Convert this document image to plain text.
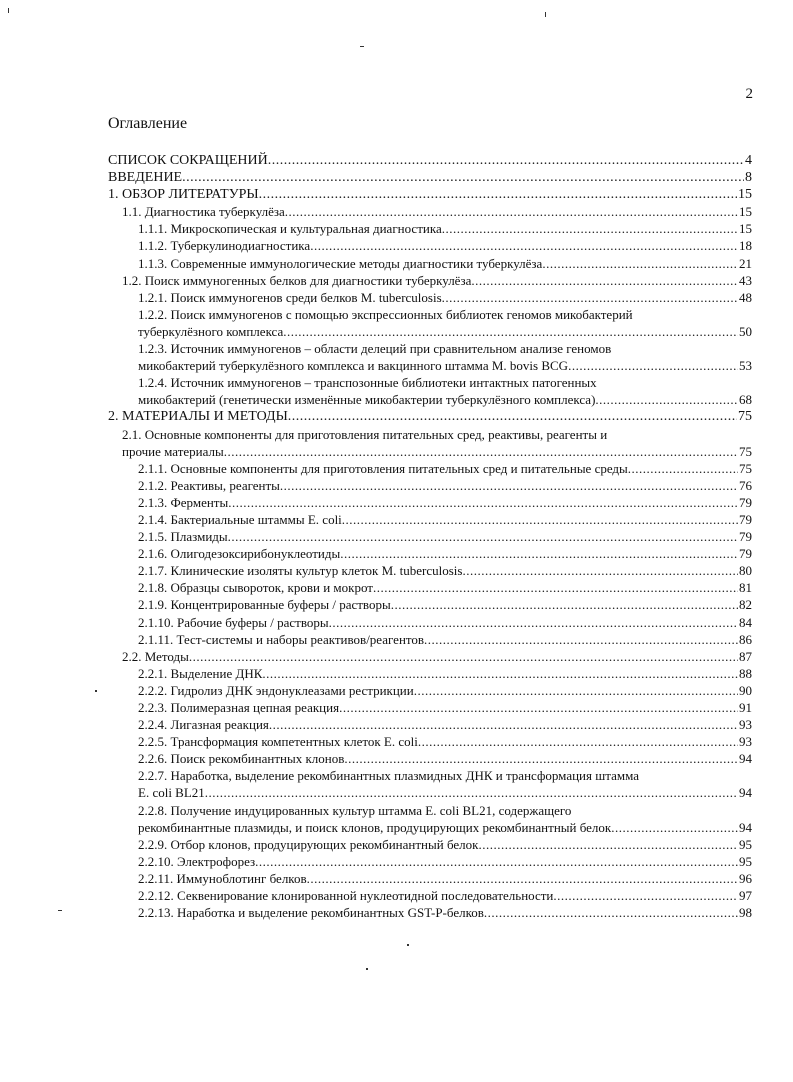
2
Оглавление
СПИСОК СОКРАЩЕНИЙ .....	4
ВВЕДЕНИЕ .....	8
1. ОБЗОР ЛИТЕРАТУРЫ .....	15
1.1. Диагностика туберкулёза .....	15
1.1.1. Микроскопическая и культуральная диагностика .....	15
1.1.2. Туберкулинодиагностика .....	18
1.1.3. Современные иммунологические методы диагностики туберкулёза .....	21
1.2. Поиск иммуногенных белков для диагностики туберкулёза .....	43
1.2.1. Поиск иммуногенов среди белков M. tuberculosis .....	48
1.2.2. Поиск иммуногенов с помощью экспрессионных библиотек геномов микобактерий
туберкулёзного комплекса .....	50
1.2.3. Источник иммуногенов – области делеций при сравнительном анализе геномов
микобактерий туберкулёзного комплекса и вакцинного штамма M. bovis BCG .....	53
1.2.4. Источник иммуногенов – транспозонные библиотеки интактных патогенных
микобактерий (генетически изменённые микобактерии туберкулёзного комплекса) .....	68
2. МАТЕРИАЛЫ И МЕТОДЫ .....	75
2.1. Основные компоненты для приготовления питательных сред, реактивы, реагенты и
прочие материалы .....	75
2.1.1. Основные компоненты для приготовления питательных сред и питательные среды .....	75
2.1.2. Реактивы, реагенты .....	76
2.1.3. Ферменты .....	79
2.1.4. Бактериальные штаммы E. coli .....	79
2.1.5. Плазмиды .....	79
2.1.6. Олигодезоксирибонуклеотиды .....	79
2.1.7. Клинические изоляты культур клеток M. tuberculosis .....	80
2.1.8. Образцы сывороток, крови и мокрот .....	81
2.1.9. Концентрированные буферы / растворы .....	82
2.1.10. Рабочие буферы / растворы .....	84
2.1.11. Тест-системы и наборы реактивов/реагентов .....	86
2.2. Методы .....	87
2.2.1. Выделение ДНК .....	88
2.2.2. Гидролиз ДНК эндонуклеазами рестрикции .....	90
2.2.3. Полимеразная цепная реакция .....	91
2.2.4. Лигазная реакция .....	93
2.2.5. Трансформация компетентных клеток E. coli .....	93
2.2.6. Поиск рекомбинантных клонов .....	94
2.2.7. Наработка, выделение рекомбинантных плазмидных ДНК и трансформация штамма
E. coli BL21 .....	94
2.2.8. Получение индуцированных культур штамма E. coli BL21, содержащего
рекомбинантные плазмиды, и поиск клонов, продуцирующих рекомбинантный белок .....	94
2.2.9. Отбор клонов, продуцирующих рекомбинантный белок .....	95
2.2.10. Электрофорез .....	95
2.2.11. Иммуноблотинг белков .....	96
2.2.12. Секвенирование клонированной нуклеотидной последовательности .....	97
2.2.13. Наработка и выделение рекомбинантных GST-P-белков .....	98
